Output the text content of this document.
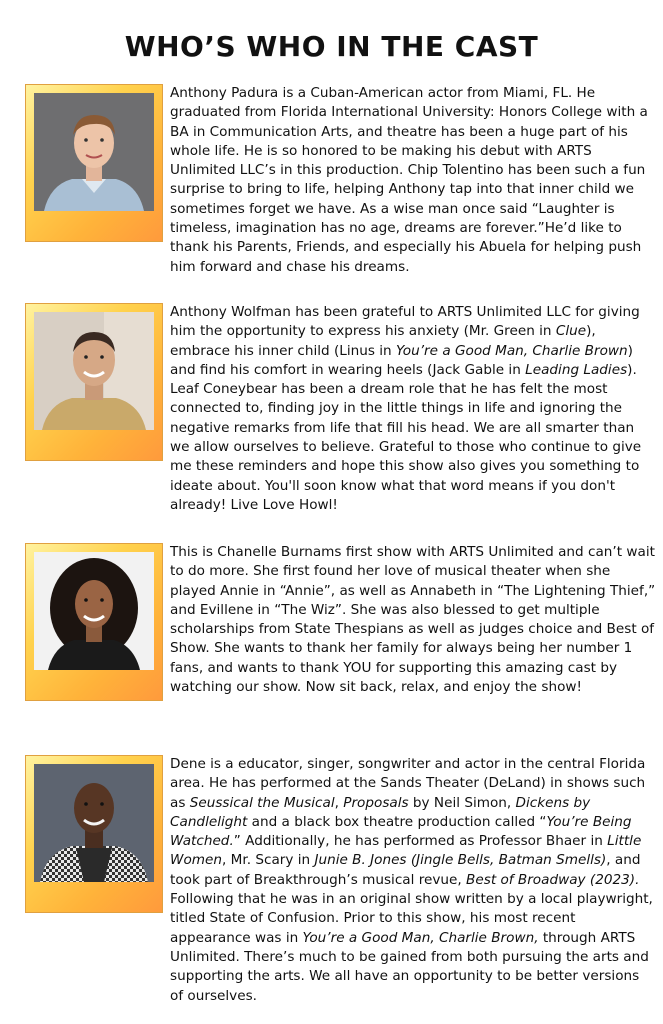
WHO’S WHO IN THE CAST

Anthony Padura is a Cuban-American actor from Miami, FL. He graduated from Florida International University: Honors College with a BA in Communication Arts, and theatre has been a huge part of his whole life. He is so honored to be making his debut with ARTS Unlimited LLC’s in this production. Chip Tolentino has been such a fun surprise to bring to life, helping Anthony tap into that inner child we sometimes forget we have. As a wise man once said “Laughter is timeless, imagination has no age, dreams are forever.”He’d like to thank his Parents, Friends, and especially his Abuela for helping push him forward and chase his dreams.

Anthony Wolfman has been grateful to ARTS Unlimited LLC for giving him the opportunity to express his anxiety (Mr. Green in Clue), embrace his inner child (Linus in You’re a Good Man, Charlie Brown) and find his comfort in wearing heels (Jack Gable in Leading Ladies). Leaf Coneybear has been a dream role that he has felt the most connected to, finding joy in the little things in life and ignoring the negative remarks from life that fill his head. We are all smarter than we allow ourselves to believe. Grateful to those who continue to give me these reminders and hope this show also gives you something to ideate about. You'll soon know what that word means if you don't already! Live Love Howl!

This is Chanelle Burnams first show with ARTS Unlimited and can’t wait to do more. She first found her love of musical theater when she played Annie in “Annie”, as well as Annabeth in “The Lightening Thief,” and Evillene in “The Wiz”. She was also blessed to get multiple scholarships from State Thespians as well as judges choice and Best of Show. She wants to thank her family for always being her number 1 fans, and wants to thank YOU for supporting this amazing cast by watching our show. Now sit back, relax, and enjoy the show!

Dene is a educator, singer, songwriter and actor in the central Florida area. He has performed at the Sands Theater (DeLand) in shows such as Seussical the Musical, Proposals by Neil Simon, Dickens by Candlelight and a black box theatre production called “You’re Being Watched.” Additionally, he has performed as Professor Bhaer in Little Women, Mr. Scary in Junie B. Jones (Jingle Bells, Batman Smells), and took part of Breakthrough’s musical revue, Best of Broadway (2023). Following that he was in an original show written by a local playwright, titled State of Confusion. Prior to this show, his most recent appearance was in You’re a Good Man, Charlie Brown, through ARTS Unlimited. There’s much to be gained from both pursuing the arts and supporting the arts. We all have an opportunity to be better versions of ourselves.
